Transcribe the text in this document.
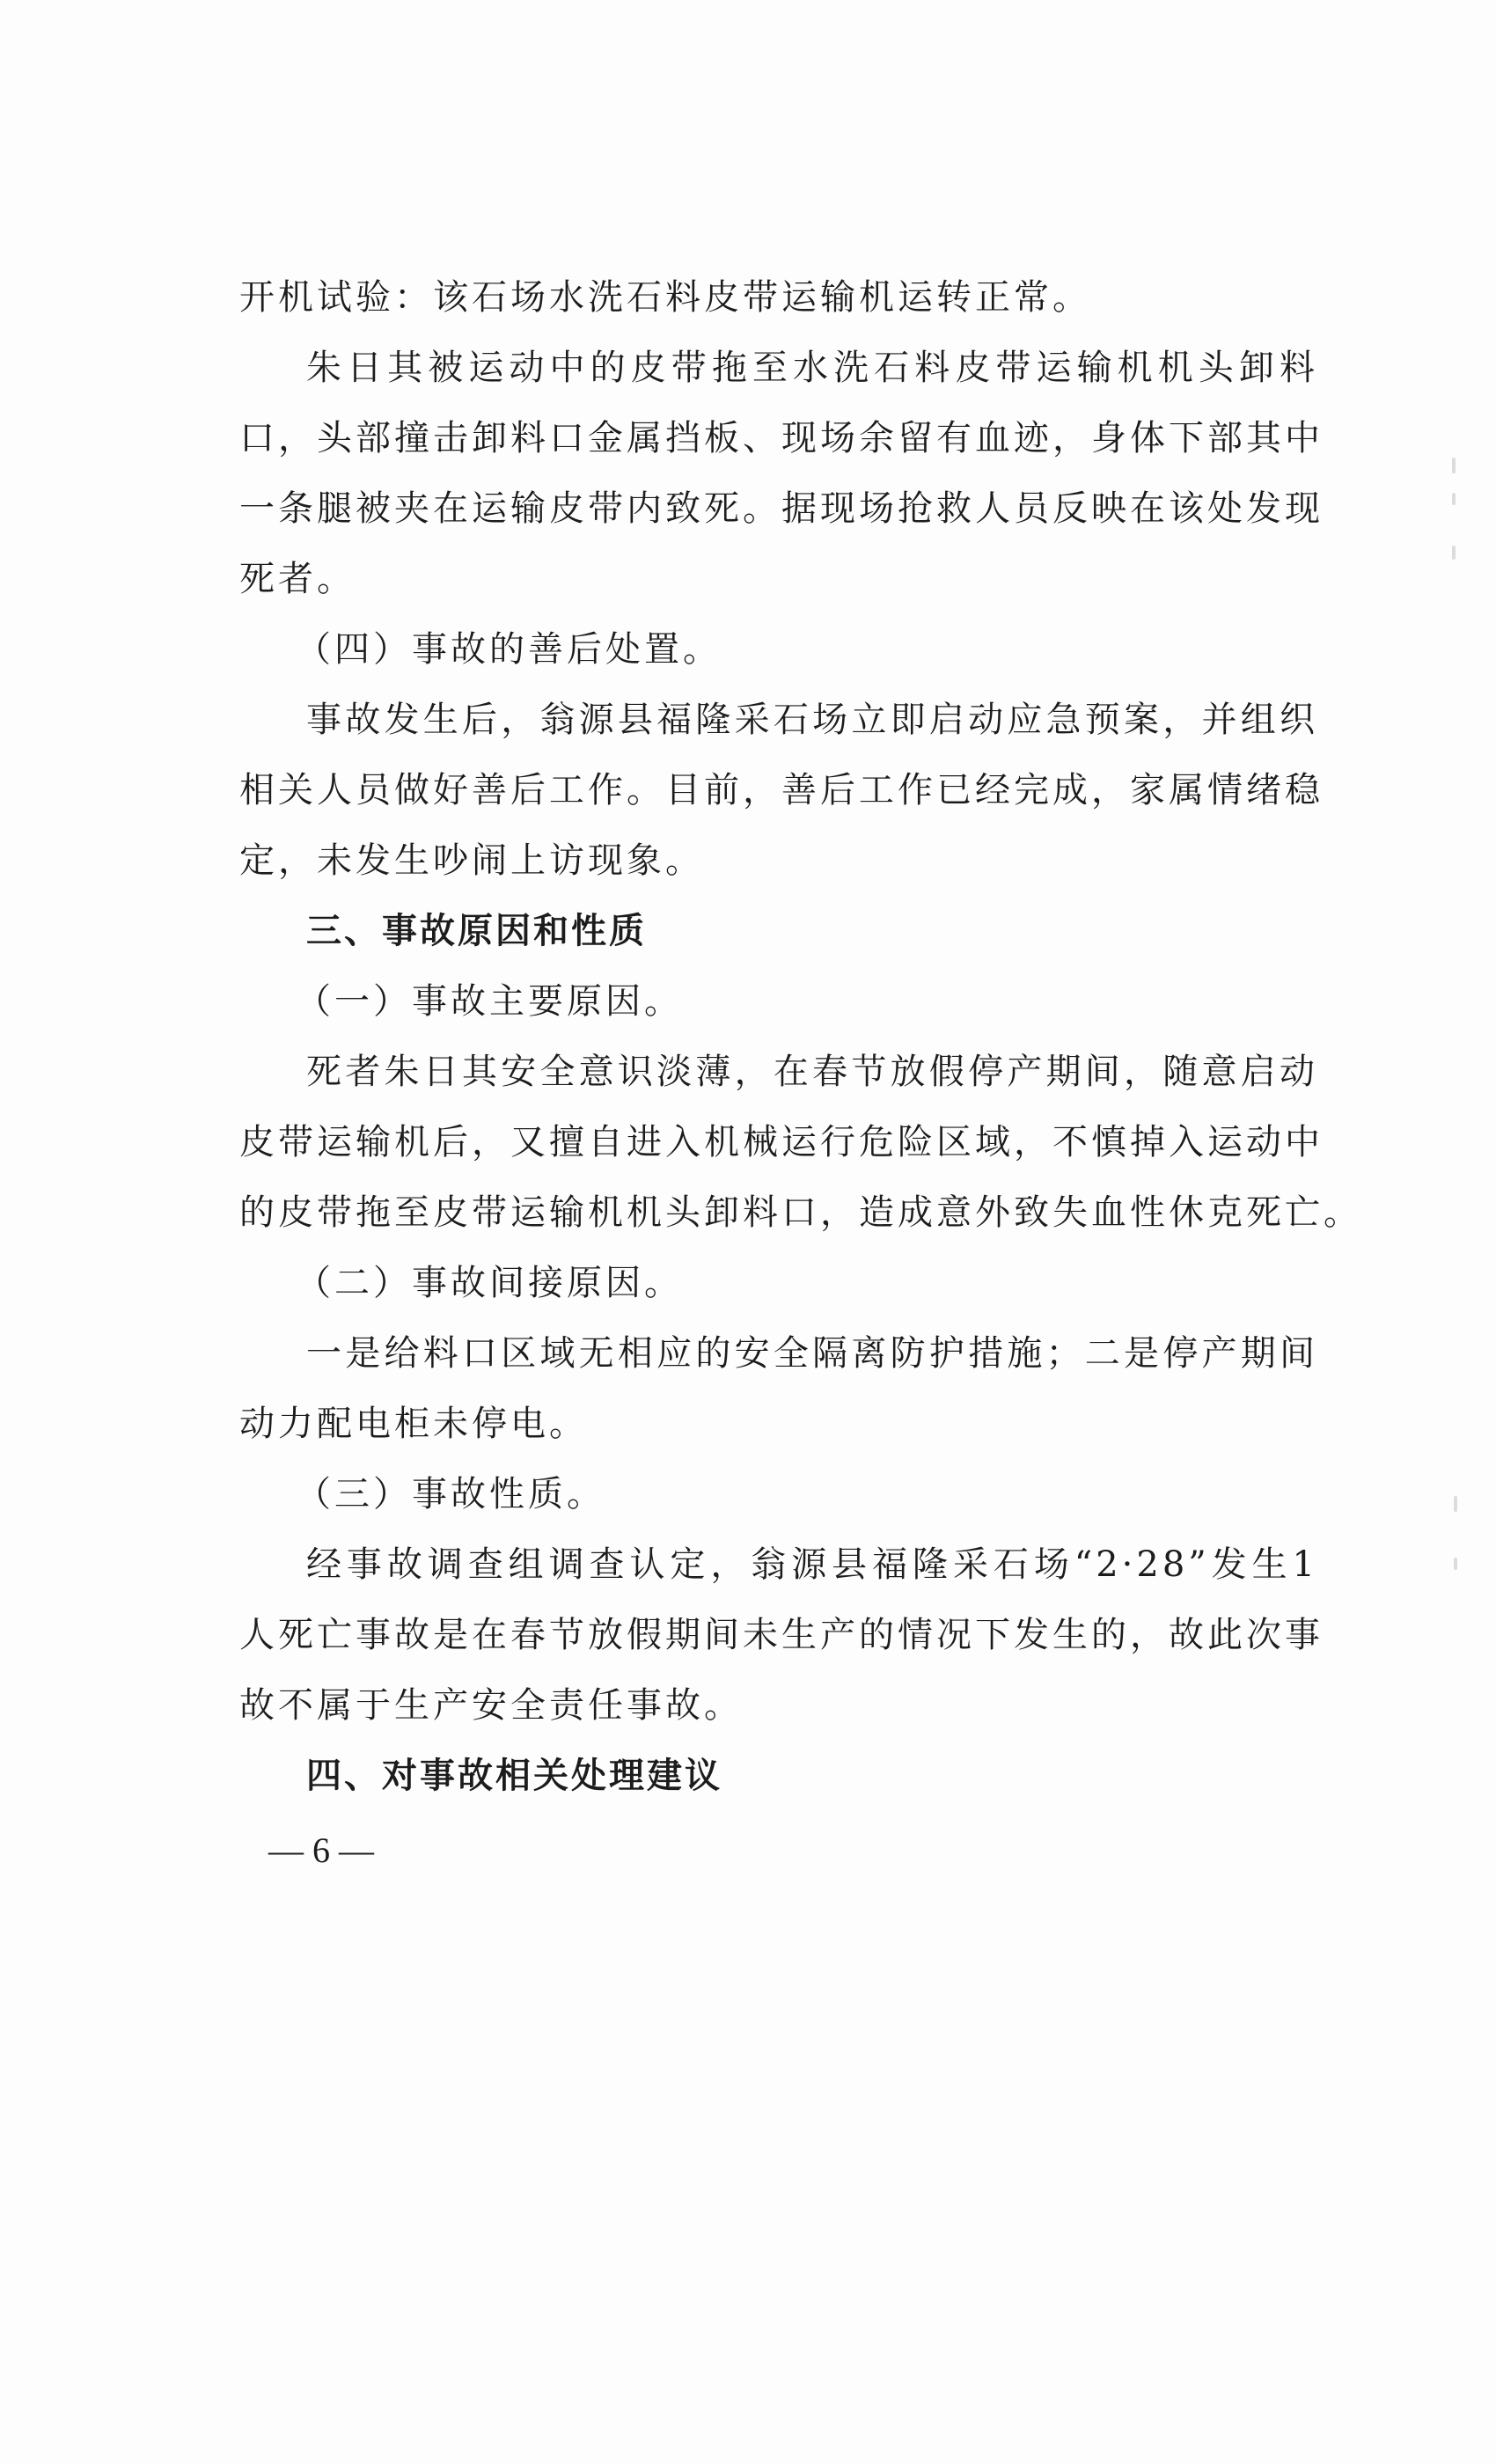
开机试验：该石场水洗石料皮带运输机运转正常。
朱日其被运动中的皮带拖至水洗石料皮带运输机机头卸料
口，头部撞击卸料口金属挡板、现场余留有血迹，身体下部其中
一条腿被夹在运输皮带内致死。据现场抢救人员反映在该处发现
死者。
（四）事故的善后处置。
事故发生后，翁源县福隆采石场立即启动应急预案，并组织
相关人员做好善后工作。目前，善后工作已经完成，家属情绪稳
定，未发生吵闹上访现象。
三、事故原因和性质
（一）事故主要原因。
死者朱日其安全意识淡薄，在春节放假停产期间，随意启动
皮带运输机后，又擅自进入机械运行危险区域，不慎掉入运动中
的皮带拖至皮带运输机机头卸料口，造成意外致失血性休克死亡。
（二）事故间接原因。
一是给料口区域无相应的安全隔离防护措施；二是停产期间
动力配电柜未停电。
（三）事故性质。
经事故调查组调查认定，翁源县福隆采石场“2·28”发生1
人死亡事故是在春节放假期间未生产的情况下发生的，故此次事
故不属于生产安全责任事故。
四、对事故相关处理建议
— 6 —
